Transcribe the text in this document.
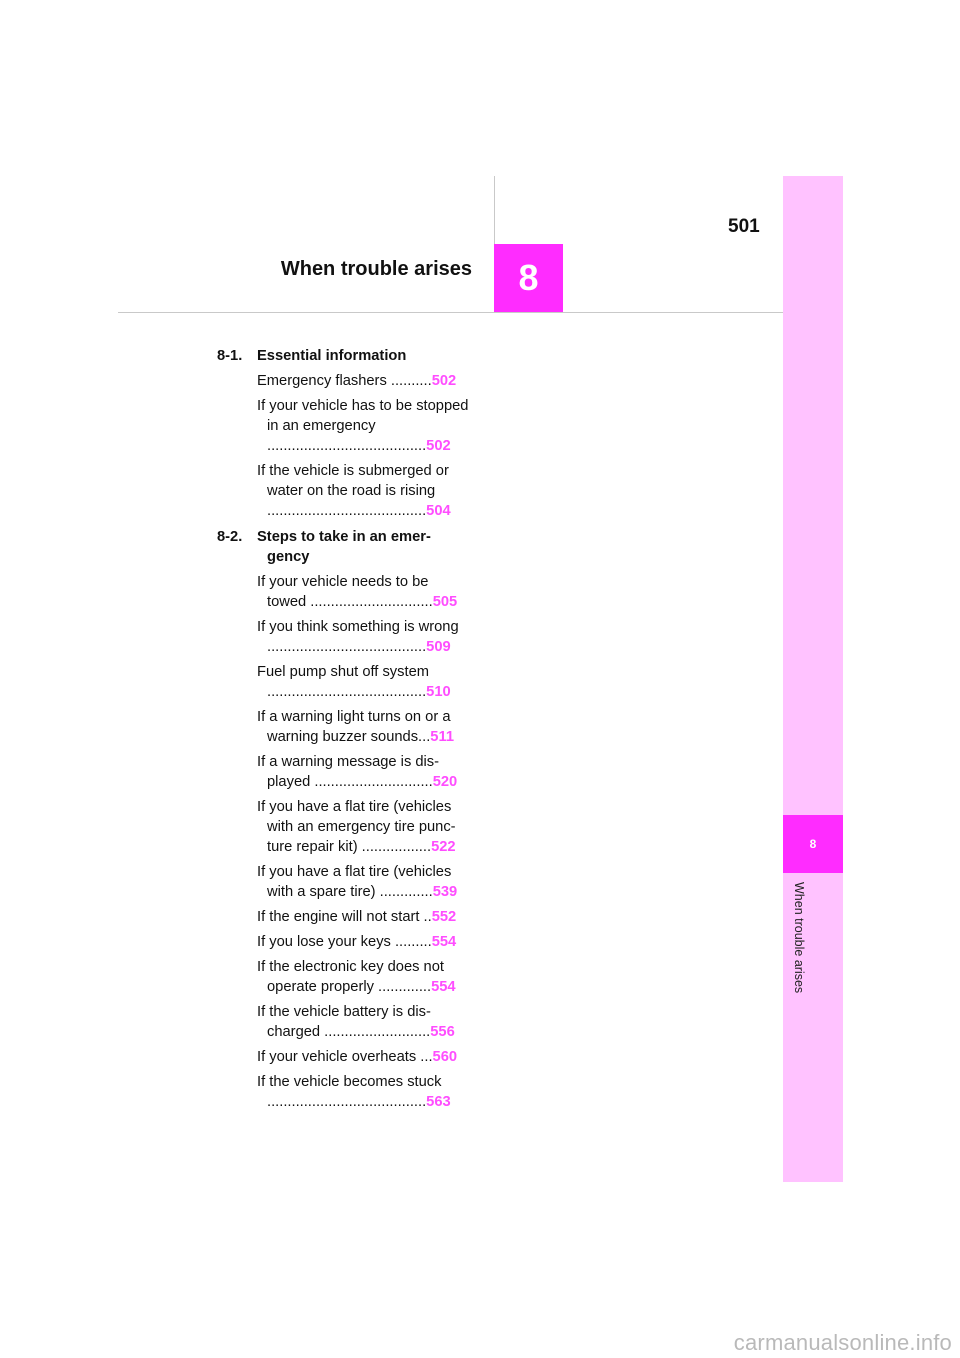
501
When trouble arises	8
8
When trouble arises
8-1. Essential information
Emergency flashers ..........502
If your vehicle has to be stopped in an emergency .......................................502
If the vehicle is submerged or water on the road is rising .......................................504
8-2. Steps to take in an emer-gency
If your vehicle needs to be towed ..............................505
If you think something is wrong .......................................509
Fuel pump shut off system .......................................510
If a warning light turns on or a warning buzzer sounds...511
If a warning message is dis-played .............................520
If you have a flat tire (vehicles with an emergency tire punc-ture repair kit) .................522
If you have a flat tire (vehicles with a spare tire) .............539
If the engine will not start ..552
If you lose your keys .........554
If the electronic key does not operate properly .............554
If the vehicle battery is dis-charged ..........................556
If your vehicle overheats ...560
If the vehicle becomes stuck .......................................563
carmanualsonline.info
